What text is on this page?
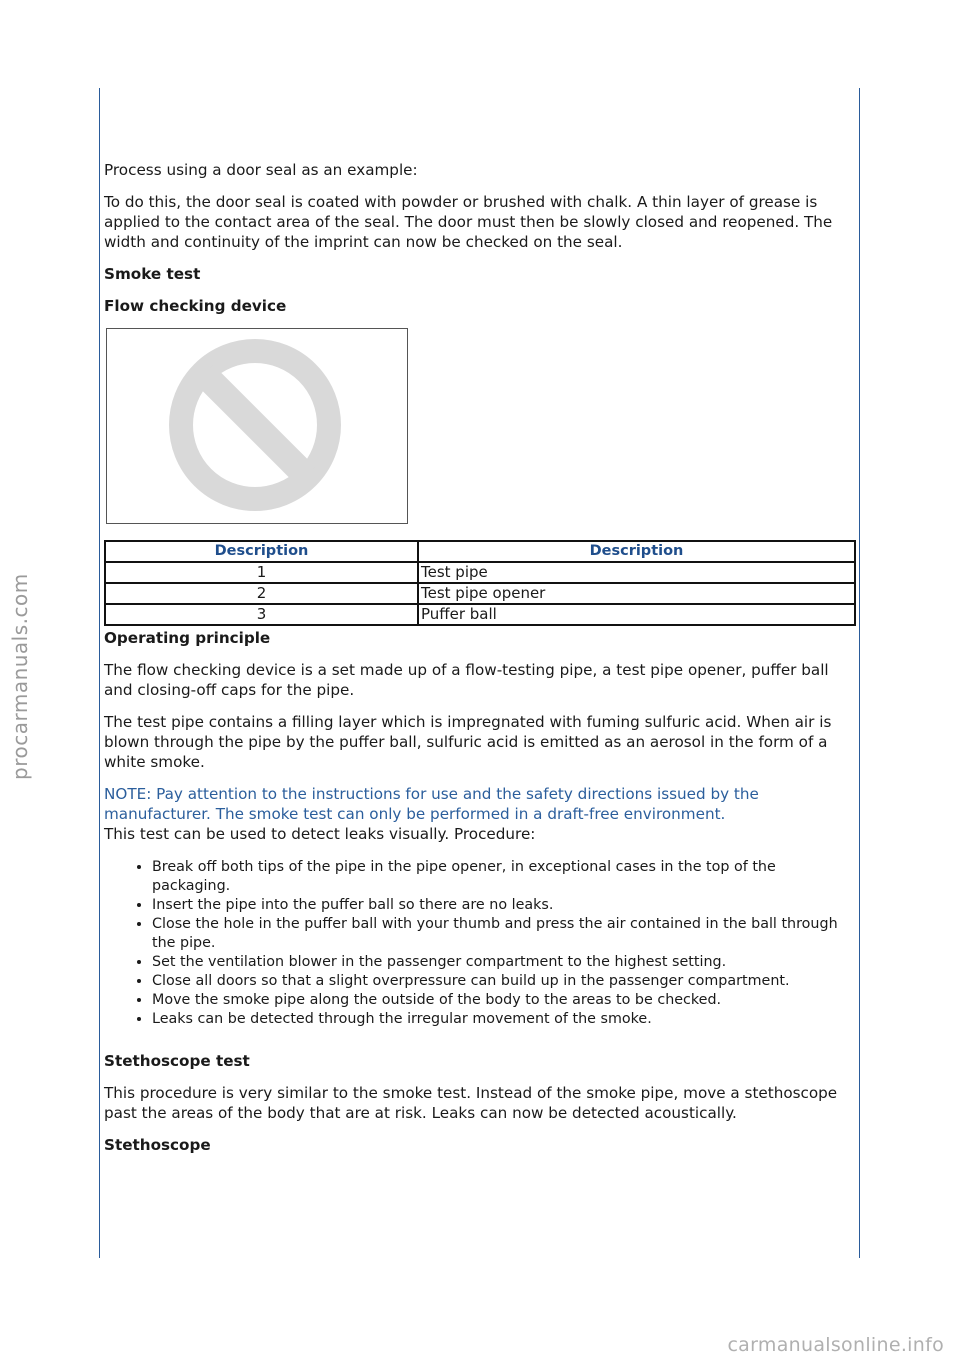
procarmanuals.com

Process using a door seal as an example:

To do this, the door seal is coated with powder or brushed with chalk. A thin layer of grease is applied to the contact area of the seal. The door must then be slowly closed and reopened. The width and continuity of the imprint can now be checked on the seal.

Smoke test
Flow checking device
Description	Description
1	Test pipe
2	Test pipe opener
3	Puffer ball
Operating principle

The flow checking device is a set made up of a flow-testing pipe, a test pipe opener, puffer ball and closing-off caps for the pipe.

The test pipe contains a filling layer which is impregnated with fuming sulfuric acid. When air is blown through the pipe by the puffer ball, sulfuric acid is emitted as an aerosol in the form of a white smoke.

NOTE: Pay attention to the instructions for use and the safety directions issued by the manufacturer. The smoke test can only be performed in a draft-free environment.

This test can be used to detect leaks visually. Procedure:

• Break off both tips of the pipe in the pipe opener, in exceptional cases in the top of the packaging.
• Insert the pipe into the puffer ball so there are no leaks.
• Close the hole in the puffer ball with your thumb and press the air contained in the ball through the pipe.
• Set the ventilation blower in the passenger compartment to the highest setting.
• Close all doors so that a slight overpressure can build up in the passenger compartment.
• Move the smoke pipe along the outside of the body to the areas to be checked.
• Leaks can be detected through the irregular movement of the smoke.
Stethoscope test

This procedure is very similar to the smoke test. Instead of the smoke pipe, move a stethoscope past the areas of the body that are at risk. Leaks can now be detected acoustically.

Stethoscope
carmanualsonline.info
